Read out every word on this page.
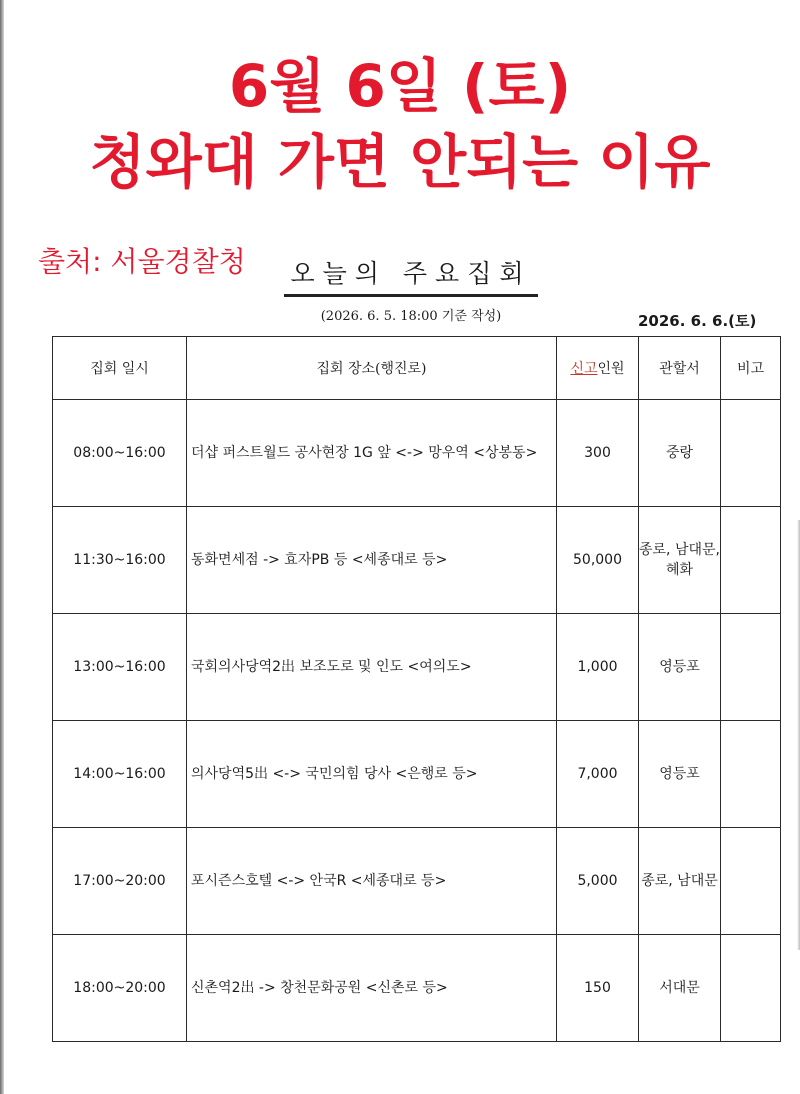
6월 6일 (토)
청와대 가면 안되는 이유
출처: 서울경찰청 오늘의 주요집회
(2026. 6. 5. 18:00 기준 작성)	2026. 6. 6.(토)
집회 일시	집회 장소(행진로)	신고인원	관할서	비고
08:00~16:00	더샵 퍼스트월드 공사현장 1G 앞 <-> 망우역 <상봉동>	300	중랑	
11:30~16:00	동화면세점 -> 효자PB 등 <세종대로 등>	50,000	종로, 남대문, 혜화	
13:00~16:00	국회의사당역2出 보조도로 및 인도 <여의도>	1,000	영등포	
14:00~16:00	의사당역5出 <-> 국민의힘 당사 <은행로 등>	7,000	영등포	
17:00~20:00	포시즌스호텔 <-> 안국R <세종대로 등>	5,000	종로, 남대문	
18:00~20:00	신촌역2出 -> 창천문화공원 <신촌로 등>	150	서대문	
